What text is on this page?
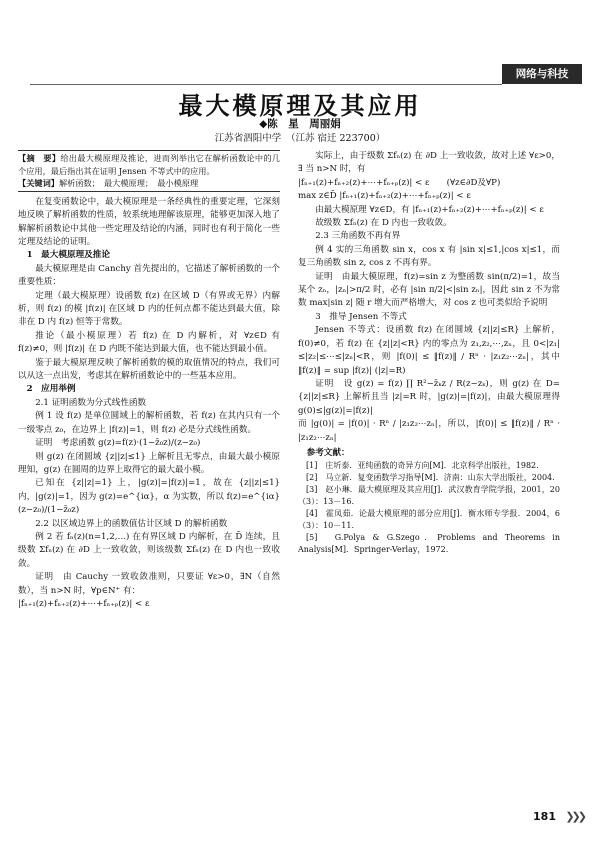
网络与科技
最大模原理及其应用
◆陈　星　周丽娟
江苏省泗阳中学　（江苏 宿迁 223700）

【摘　要】给出最大模原理及推论，进而列举出它在解析函数论中的几个应用，最后指出其在证明 Jensen 不等式中的应用。

【关键词】解析函数；　最大模原理；　最小模原理

在复变函数论中，最大模原理是一条经典性的重要定理，它深刻地反映了解析函数的性质，较系统地理解该原理，能够更加深入地了解解析函数论中其他一些定理及结论的内涵，同时也有利于简化一些定理及结论的证明。

1　最大模原理及推论

最大模原理是由 Canchy 首先提出的，它描述了解析函数的一个重要性质：

定理（最大模原理）设函数 f(z) 在区域 D（有界或无界）内解析，则 f(z) 的模 |f(z)| 在区域 D 内的任何点都不能达到最大值，除非在 D 内 f(z) 恒等于常数。

推论（最小模原理）若 f(z) 在 D 内解析，对 ∀z∈D 有 f(z)≠0，则 |f(z)| 在 D 内既不能达到最大值，也不能达到最小值。

鉴于最大模原理反映了解析函数的模的取值情况的特点，我们可以从这一点出发，考虑其在解析函数论中的一些基本应用。

2　应用举例

2.1 证明函数为分式线性函数

例 1 设 f(z) 是单位圆域上的解析函数，若 f(z) 在其内只有一个一级零点 z₀，在边界上 |f(z)|=1，则 f(z) 必是分式线性函数。

证明　考虑函数 g(z)=f(z)·(1−z̄₀z)/(z−z₀)

则 g(z) 在闭圆域 {z||z|≤1} 上解析且无零点，由最大最小模原理知，g(z) 在圆周的边界上取得它的最大最小模。

已知在 {z||z|=1} 上，|g(z)|=|f(z)|=1，故在 {z||z|≤1} 内，|g(z)|=1，因为 g(z)=e^{iα}，α 为实数，所以 f(z)=e^{iα}(z−z₀)/(1−z̄₀z)

2.2 以区域边界上的函数值估计区域 D 的解析函数

例 2 若 fₙ(z)(n=1,2,…) 在有界区域 D 内解析，在 D̄ 连续，且级数 Σfₙ(z) 在 ∂D 上一致收敛，则该级数 Σfₙ(z) 在 D 内也一致收敛。

证明　由 Cauchy 一致收敛准则，只要证 ∀ε>0，∃N（自然数），当 n>N 时，∀p∈N⁺ 有：

|fₙ₊₁(z)+fₙ₊₂(z)+⋯+fₙ₊ₚ(z)| < ε

实际上，由于级数 Σfₙ(z) 在 ∂D 上一致收敛，故对上述 ∀ε>0，∃ 当 n>N 时，有

|fₙ₊₁(z)+fₙ₊₂(z)+⋯+fₙ₊ₚ(z)| < ε　　(∀z∈∂D及∀P)

max z∈D̄ |fₙ₊₁(z)+fₙ₊₂(z)+⋯+fₙ₊ₚ(z)| < ε

由最大模原理 ∀z∈D，有 |fₙ₊₁(z)+fₙ₊₂(z)+⋯+fₙ₊ₚ(z)| < ε

故级数 Σfₙ(z) 在 D 内也一致收敛。

2.3 三角函数不再有界

例 4 实的三角函数 sin x，cos x 有 |sin x|≤1,|cos x|≤1，而复三角函数 sin z, cos z 不再有界。

证明　由最大模原理，f(z)=sin z 为整函数 sin(π/2)=1，故当某个 zₙ，|zₙ|>π/2 时，必有 |sin π/2|<|sin zₙ|，因此 sin z 不为常数 max|sin z| 随 r 增大而严格增大，对 cos z 也可类似给予说明

3　推导 Jensen 不等式

Jensen 不等式：设函数 f(z) 在闭圆域 {z||z|≤R} 上解析，f(0)≠0，若 f(z) 在 {z||z|<R} 内的零点为 z₁,z₂,⋯,zₙ，且 0<|z₁|≤|z₂|≤⋯≤|zₙ|<R，则 |f(0)| ≤ ‖f(z)‖ / Rⁿ · |z₁z₂⋯zₙ|，其中 ‖f(z)‖ = sup |f(z)| (|z|=R)

证明　设 g(z) = f(z) ∏ R²−z̄ₖz / R(z−zₖ)，则 g(z) 在 D={z||z|≤R} 上解析且当 |z|=R 时，|g(z)|=|f(z)|，由最大模原理得 g(0)≤|g(z)|=|f(z)|

而 |g(0)| = |f(0)| · Rⁿ / |z₁z₂⋯zₙ|，所以，|f(0)| ≤ ‖f(z)‖ / Rⁿ · |z₁z₂⋯zₙ|

参考文献：

[1]　庄圻泰．亚纯函数的奇异方向[M]．北京科学出版社，1982.

[2]　马立新．复变函数学习指导[M]．济南：山东大学出版社，2004.

[3]　赵小琳．最大模原理及其应用[J]．武汉教育学院学报，2001，20（3）：13－16.

[4]　霍凤茹．论最大模原理的部分应用[J]．衡水师专学报．2004，6（3）：10－11.

[5]　G.Polya & G.Szego．Problems and Theorems in Analysis[M]．Springer-Verlay，1972.

181 ❯❯❯
